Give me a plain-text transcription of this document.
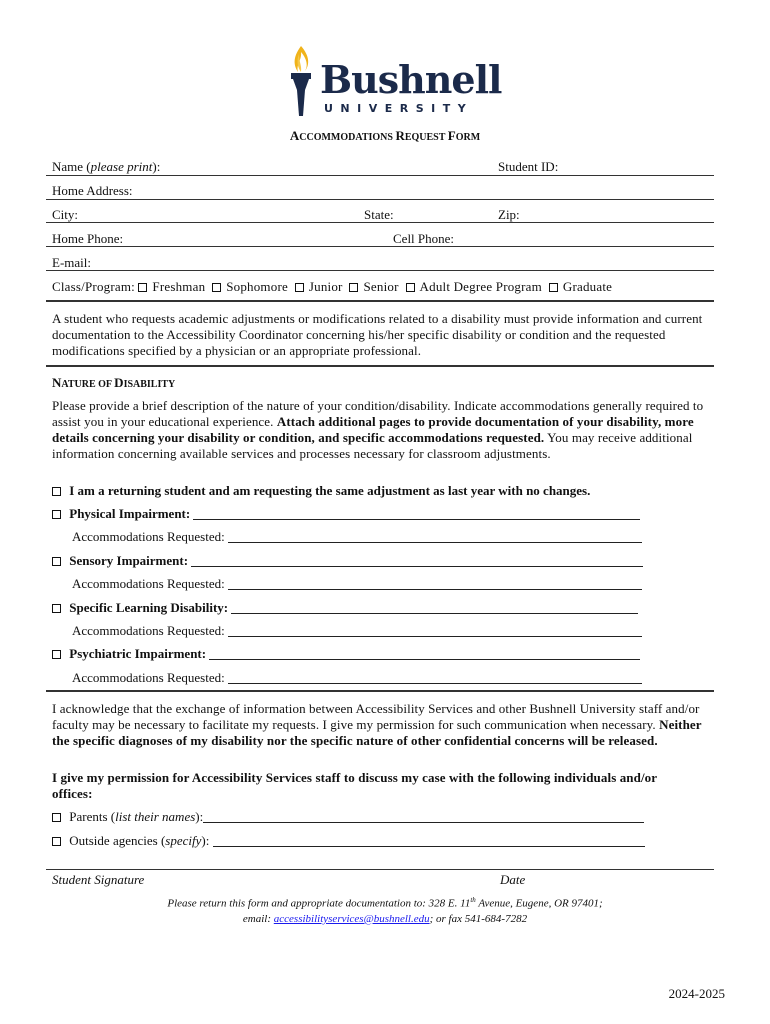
Bushnell
UNIVERSITY
ACCOMMODATIONS REQUEST FORM
Name (please print):	Student ID:
Home Address:
City:	State:	Zip:
Home Phone:	Cell Phone:
E-mail:
Class/Program: Freshman Sophomore Junior Senior Adult Degree Program Graduate
A student who requests academic adjustments or modifications related to a disability must provide information and current documentation to the Accessibility Coordinator concerning his/her specific disability or condition and the requested modifications specified by a physician or an appropriate professional.
NATURE OF DISABILITY
Please provide a brief description of the nature of your condition/disability. Indicate accommodations generally required to assist you in your educational experience. Attach additional pages to provide documentation of your disability, more details concerning your disability or condition, and specific accommodations requested. You may receive additional information concerning available services and processes necessary for classroom adjustments.
I am a returning student and am requesting the same adjustment as last year with no changes.
Physical Impairment:
Accommodations Requested:
Sensory Impairment:
Accommodations Requested:
Specific Learning Disability:
Accommodations Requested:
Psychiatric Impairment:
Accommodations Requested:
I acknowledge that the exchange of information between Accessibility Services and other Bushnell University staff and/or faculty may be necessary to facilitate my requests. I give my permission for such communication when necessary. Neither the specific diagnoses of my disability nor the specific nature of other confidential concerns will be released.
I give my permission for Accessibility Services staff to discuss my case with the following individuals and/or offices:
Parents (list their names):
Outside agencies (specify):
Student Signature	Date
Please return this form and appropriate documentation to: 328 E. 11th Avenue, Eugene, OR 97401;
email: accessibilityservices@bushnell.edu; or fax 541-684-7282
2024-2025
